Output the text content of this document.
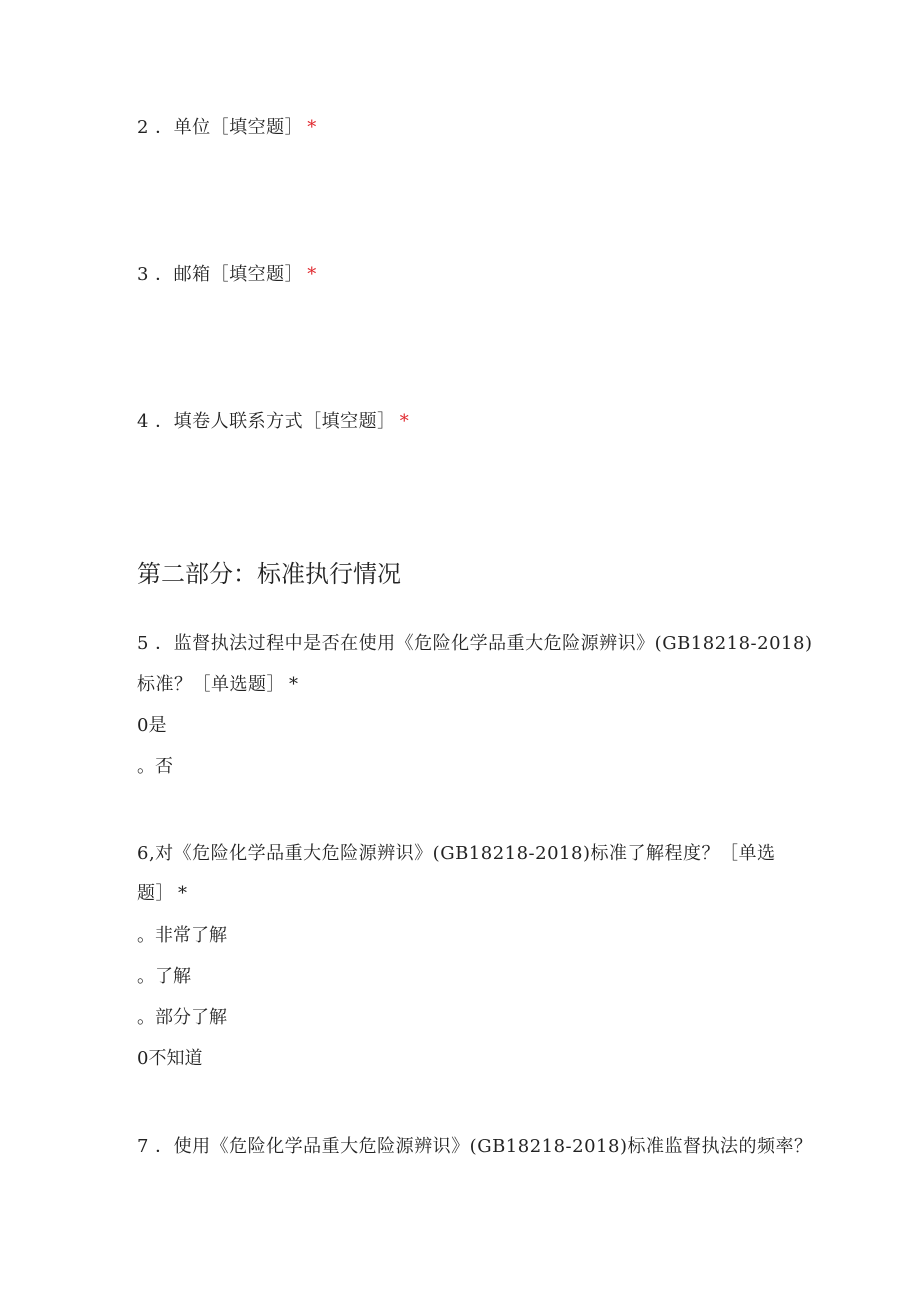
2 ．单位［填空题］ *
3 ．邮箱［填空题］ *
4 ．填卷人联系方式［填空题］ *
第二部分：标准执行情况
5 ．监督执法过程中是否在使用《危险化学品重大危险源辨识》(GB18218-2018)
标准？［单选题］ *
0是
。否
6,对《危险化学品重大危险源辨识》(GB18218-2018)标准了解程度？［单选
题］ *
。非常了解
。了解
。部分了解
0不知道
7 ．使用《危险化学品重大危险源辨识》(GB18218-2018)标准监督执法的频率？
